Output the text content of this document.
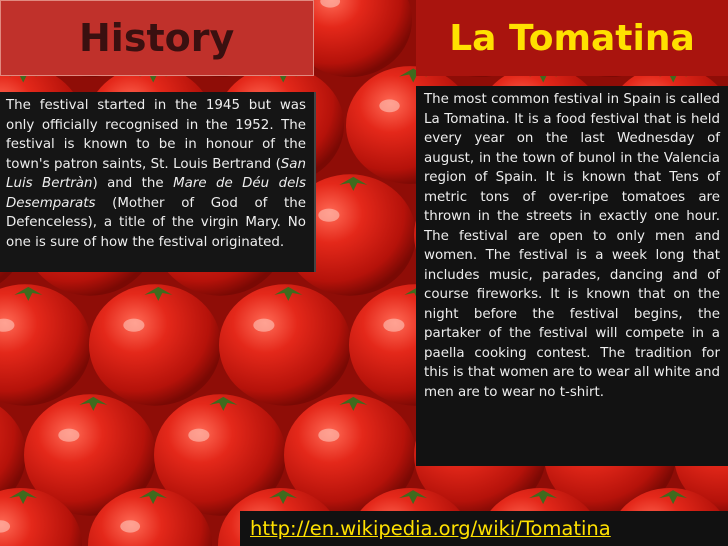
History	La Tomatina
The festival started in the 1945 but was only officially recognised in the 1952. The festival is known to be in honour of the town's patron saints, St. Louis Bertrand (San Luis Bertràn) and the Mare de Déu dels Desemparats (Mother of God of the Defenceless), a title of the virgin Mary. No one is sure of how the festival originated.
The most common festival in Spain is called La Tomatina. It is a food festival that is held every year on the last Wednesday of august, in the town of bunol in the Valencia region of Spain. It is known that Tens of metric tons of over-ripe tomatoes are thrown in the streets in exactly one hour. The festival are open to only men and women. The festival is a week long that includes music, parades, dancing and of course fireworks. It is known that on the night before the festival begins, the partaker of the festival will compete in a paella cooking contest. The tradition for this is that women are to wear all white and men are to wear no t-shirt.
http://en.wikipedia.org/wiki/Tomatina
